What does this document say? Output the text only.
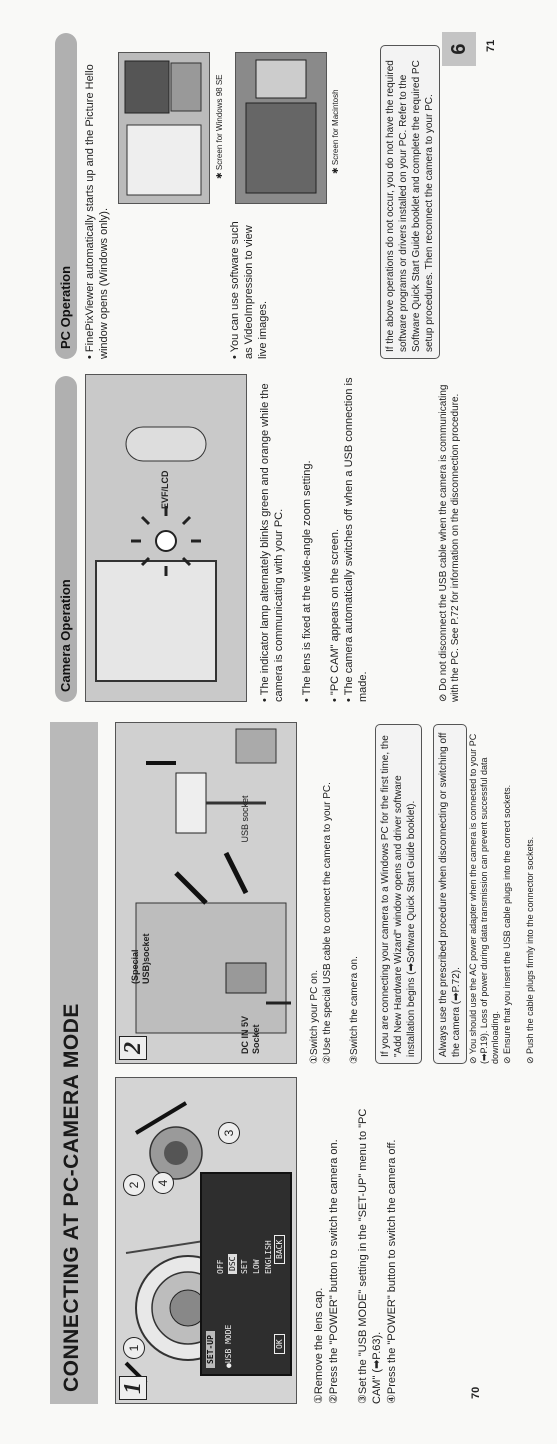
CONNECTING AT PC-CAMERA MODE 1
1
2	4
3
SET-UP ●USB MODE
OFF DSC SET LOW ENGLISH
OK
BACK
①Remove the lens cap. ②Press the "POWER" button to switch the camera on. ③Set the "USB MODE" setting in the "SET-UP" menu to "PC CAM" (➡P.63). ④Press the "POWER" button to switch the camera off.	70
2
(Special USB)socket
DC IN 5V Socket
USB socket
①Switch your PC on. ②Use the special USB cable to connect the camera to your PC. ③Switch the camera on.	If you are connecting your camera to a Windows PC for the first time, the "Add New Hardware Wizard" window opens and driver software installation begins (➡Software Quick Start Guide booklet).	Always use the prescribed procedure when disconnecting or switching off the camera (➡P.72).
⊘ You should use the AC power adapter when the camera is connected to your PC (➡P.19). Loss of power during data transmission can prevent successful data downloading. ⊘ Ensure that you insert the USB cable plugs into the correct sockets.
⊘ Push the cable plugs firmly into the connector sockets.
Camera Operation
EVF/LCD
• The indicator lamp alternately blinks green and orange while the camera is communicating with your PC. • The lens is fixed at the wide-angle zoom setting.
• "PC CAM" appears on the screen.
• The camera automatically switches off when a USB connection is made.	⊘ Do not disconnect the USB cable when the camera is communicating with the PC. See P.72 for information on the disconnection procedure.
PC Operation
• FinePixViewer automatically starts up and the Picture Hello window opens (Windows only).
✱ Screen for Windows 98 SE
• You can use software such as VideoImpression to view live images.
✱ Screen for Macintosh	If the above operations do not occur, you do not have the required software programs or drivers installed on your PC. Refer to the Software Quick Start Guide booklet and complete the required PC setup procedures. Then reconnect the camera to your PC.
6	71
